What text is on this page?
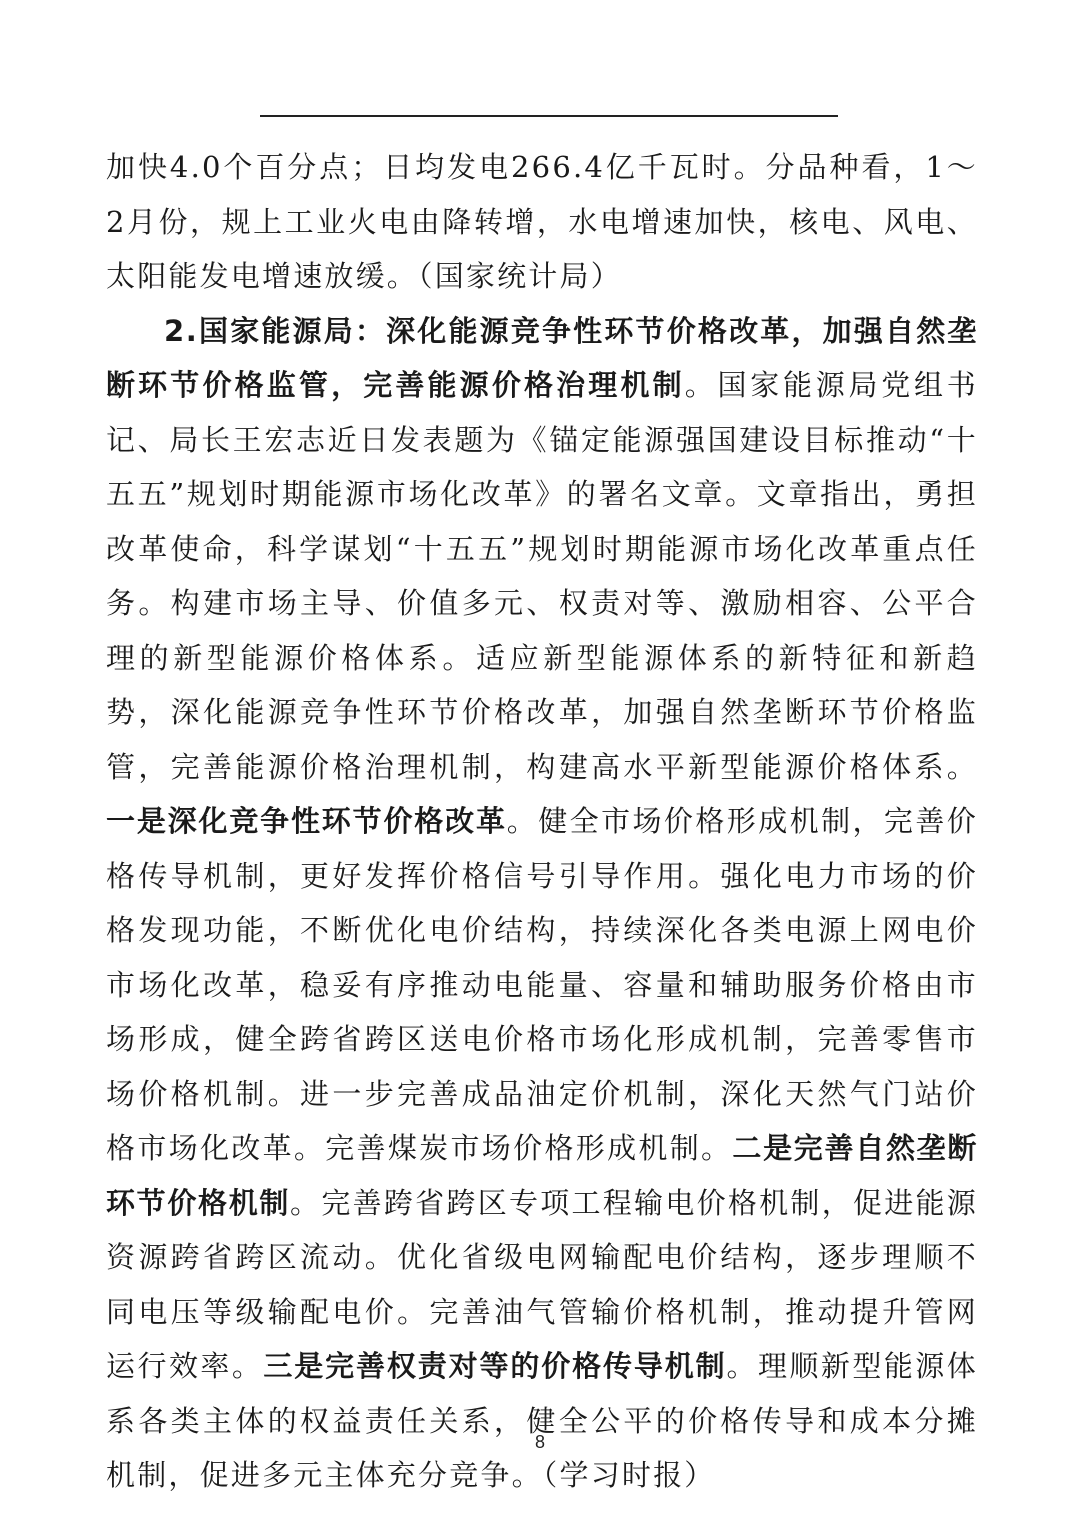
加快4.0个百分点；日均发电266.4亿千瓦时。分品种看，1～2月份，规上工业火电由降转增，水电增速加快，核电、风电、太阳能发电增速放缓。（国家统计局）

2.国家能源局：深化能源竞争性环节价格改革，加强自然垄断环节价格监管，完善能源价格治理机制。国家能源局党组书记、局长王宏志近日发表题为《锚定能源强国建设目标推动“十五五”规划时期能源市场化改革》的署名文章。文章指出，勇担改革使命，科学谋划“十五五”规划时期能源市场化改革重点任务。构建市场主导、价值多元、权责对等、激励相容、公平合理的新型能源价格体系。适应新型能源体系的新特征和新趋势，深化能源竞争性环节价格改革，加强自然垄断环节价格监管，完善能源价格治理机制，构建高水平新型能源价格体系。一是深化竞争性环节价格改革。健全市场价格形成机制，完善价格传导机制，更好发挥价格信号引导作用。强化电力市场的价格发现功能，不断优化电价结构，持续深化各类电源上网电价市场化改革，稳妥有序推动电能量、容量和辅助服务价格由市场形成，健全跨省跨区送电价格市场化形成机制，完善零售市场价格机制。进一步完善成品油定价机制，深化天然气门站价格市场化改革。完善煤炭市场价格形成机制。二是完善自然垄断环节价格机制。完善跨省跨区专项工程输电价格机制，促进能源资源跨省跨区流动。优化省级电网输配电价结构，逐步理顺不同电压等级输配电价。完善油气管输价格机制，推动提升管网运行效率。三是完善权责对等的价格传导机制。理顺新型能源体系各类主体的权益责任关系，健全公平的价格传导和成本分摊机制，促进多元主体充分竞争。（学习时报）

8
